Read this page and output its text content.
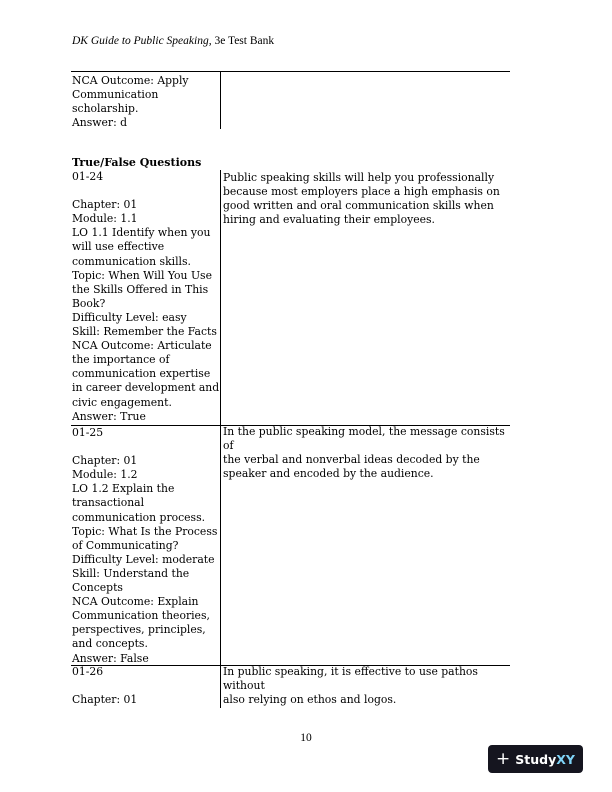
DK Guide to Public Speaking, 3e Test Bank
NCA Outcome: Apply
Communication
scholarship.
Answer: d
True/False Questions
01-24

Chapter: 01
Module: 1.1
LO 1.1 Identify when you
will use effective
communication skills.
Topic: When Will You Use
the Skills Offered in This
Book?
Difficulty Level: easy
Skill: Remember the Facts
NCA Outcome: Articulate
the importance of
communication expertise
in career development and
civic engagement.
Answer: True
Public speaking skills will help you professionally
because most employers place a high emphasis on
good written and oral communication skills when
hiring and evaluating their employees.
01-25

Chapter: 01
Module: 1.2
LO 1.2 Explain the
transactional
communication process.
Topic: What Is the Process
of Communicating?
Difficulty Level: moderate
Skill: Understand the
Concepts
NCA Outcome: Explain
Communication theories,
perspectives, principles,
and concepts.
Answer: False
In the public speaking model, the message consists of
the verbal and nonverbal ideas decoded by the
speaker and encoded by the audience.
01-26

Chapter: 01
In public speaking, it is effective to use pathos without
also relying on ethos and logos.
10
+ Study XY
